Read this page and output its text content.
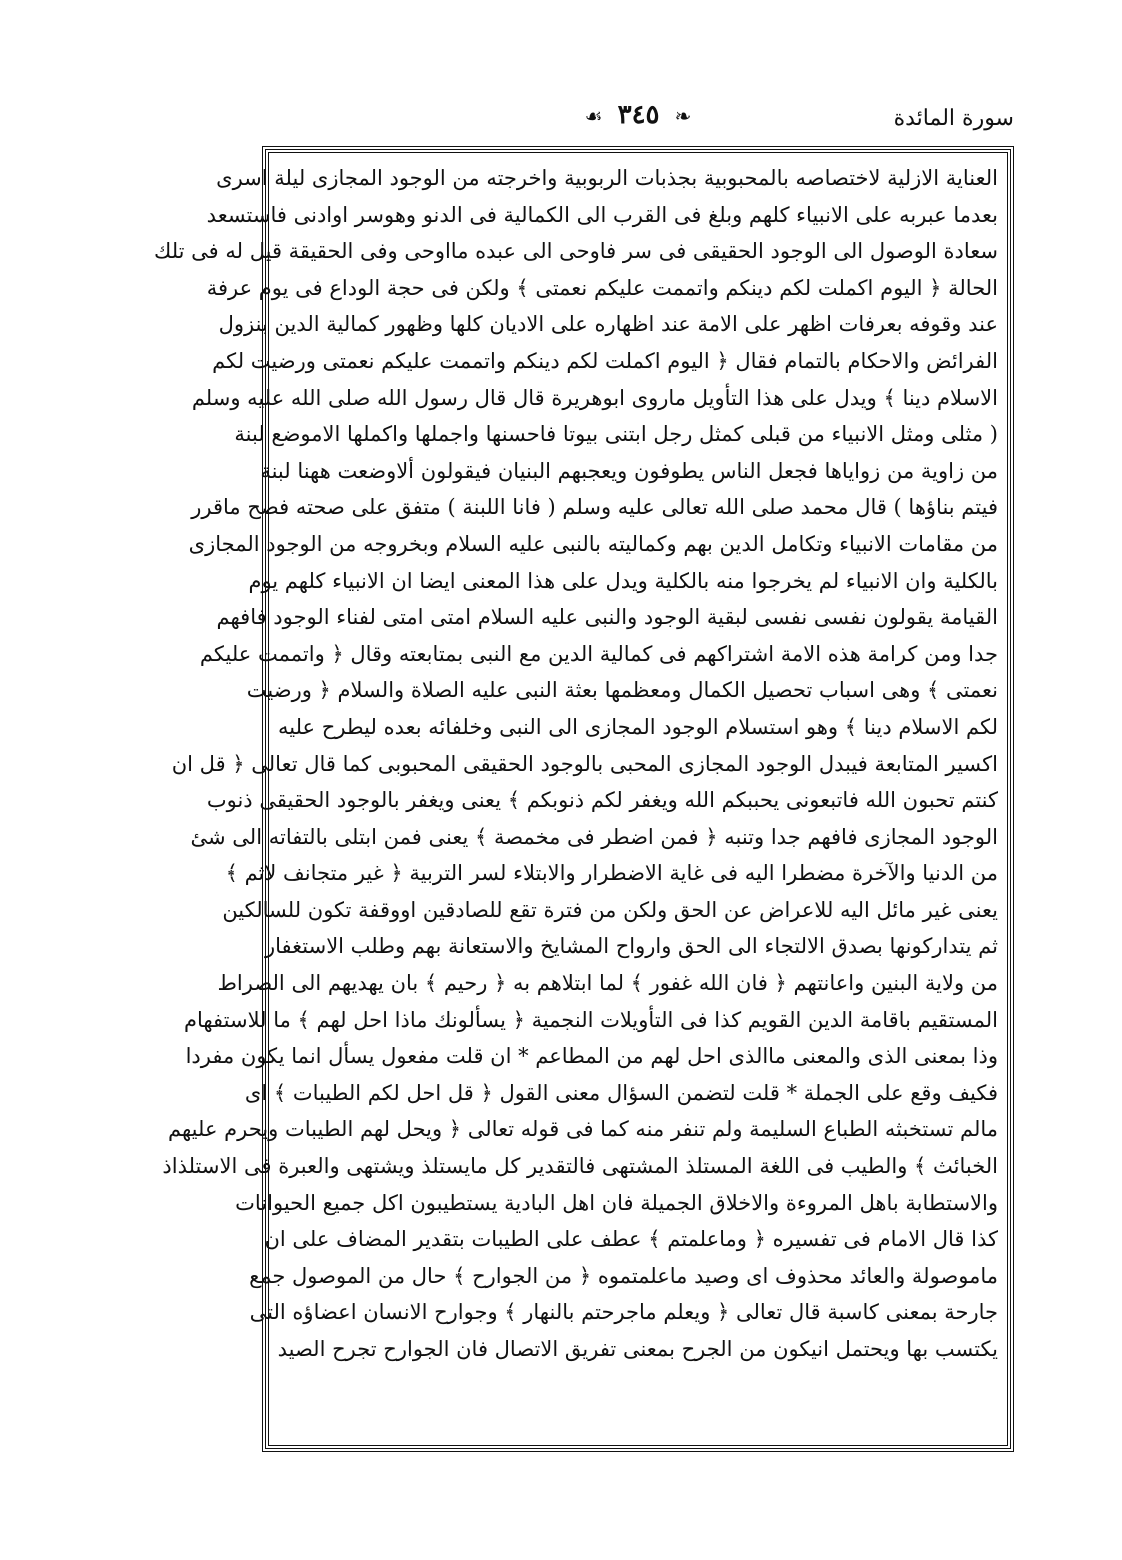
سورة المائدة
❧ ٣٤٥ ☙
العناية الازلية لاختصاصه بالمحبوبية بجذبات الربوبية واخرجته من الوجود المجازى ليلة اسرى
بعدما عبربه على الانبياء كلهم وبلغ فى القرب الى الكمالية فى الدنو وهوسر اوادنى فاستسعد
سعادة الوصول الى الوجود الحقيقى فى سر فاوحى الى عبده مااوحى وفى الحقيقة قيل له فى تلك
الحالة ﴿ اليوم اكملت لكم دينكم واتممت عليكم نعمتى ﴾ ولكن فى حجة الوداع فى يوم عرفة
عند وقوفه بعرفات اظهر على الامة عند اظهاره على الاديان كلها وظهور كمالية الدين بنزول
الفرائض والاحكام بالتمام فقال ﴿ اليوم اكملت لكم دينكم واتممت عليكم نعمتى ورضيت لكم
الاسلام دينا ﴾ ويدل على هذا التأويل ماروى ابوهريرة قال قال رسول الله صلى الله عليه وسلم
( مثلى ومثل الانبياء من قبلى كمثل رجل ابتنى بيوتا فاحسنها واجملها واكملها الاموضع لبنة
من زاوية من زواياها فجعل الناس يطوفون ويعجبهم البنيان فيقولون ألاوضعت ههنا لبنة
فيتم بناؤها ) قال محمد صلى الله تعالى عليه وسلم ( فانا اللبنة ) متفق على صحته فصح ماقرر
من مقامات الانبياء وتكامل الدين بهم وكماليته بالنبى عليه السلام وبخروجه من الوجود المجازى
بالكلية وان الانبياء لم يخرجوا منه بالكلية ويدل على هذا المعنى ايضا ان الانبياء كلهم يوم
القيامة يقولون نفسى نفسى لبقية الوجود والنبى عليه السلام امتى امتى لفناء الوجود فافهم
جدا ومن كرامة هذه الامة اشتراكهم فى كمالية الدين مع النبى بمتابعته وقال ﴿ واتممت عليكم
نعمتى ﴾ وهى اسباب تحصيل الكمال ومعظمها بعثة النبى عليه الصلاة والسلام ﴿ ورضيت
لكم الاسلام دينا ﴾ وهو استسلام الوجود المجازى الى النبى وخلفائه بعده ليطرح عليه
اكسير المتابعة فيبدل الوجود المجازى المحبى بالوجود الحقيقى المحبوبى كما قال تعالى ﴿ قل ان
كنتم تحبون الله فاتبعونى يحببكم الله ويغفر لكم ذنوبكم ﴾ يعنى ويغفر بالوجود الحقيقى ذنوب
الوجود المجازى فافهم جدا وتنبه ﴿ فمن اضطر فى مخمصة ﴾ يعنى فمن ابتلى بالتفاته الى شئ
من الدنيا والآخرة مضطرا اليه فى غاية الاضطرار والابتلاء لسر التربية ﴿ غير متجانف لاثم ﴾
يعنى غير مائل اليه للاعراض عن الحق ولكن من فترة تقع للصادقين اووقفة تكون للسالكين
ثم يتداركونها بصدق الالتجاء الى الحق وارواح المشايخ والاستعانة بهم وطلب الاستغفار
من ولاية البنين واعانتهم ﴿ فان الله غفور ﴾ لما ابتلاهم به ﴿ رحيم ﴾ بان يهديهم الى الصراط
المستقيم باقامة الدين القويم كذا فى التأويلات النجمية ﴿ يسألونك ماذا احل لهم ﴾ ما للاستفهام
وذا بمعنى الذى والمعنى ماالذى احل لهم من المطاعم * ان قلت مفعول يسأل انما يكون مفردا
فكيف وقع على الجملة * قلت لتضمن السؤال معنى القول ﴿ قل احل لكم الطيبات ﴾ اى
مالم تستخبثه الطباع السليمة ولم تنفر منه كما فى قوله تعالى ﴿ ويحل لهم الطيبات ويحرم عليهم
الخبائث ﴾ والطيب فى اللغة المستلذ المشتهى فالتقدير كل مايستلذ ويشتهى والعبرة فى الاستلذاذ
والاستطابة باهل المروءة والاخلاق الجميلة فان اهل البادية يستطيبون اكل جميع الحيوانات
كذا قال الامام فى تفسيره ﴿ وماعلمتم ﴾ عطف على الطيبات بتقدير المضاف على ان
ماموصولة والعائد محذوف اى وصيد ماعلمتموه ﴿ من الجوارح ﴾ حال من الموصول جمع
جارحة بمعنى كاسبة قال تعالى ﴿ ويعلم ماجرحتم بالنهار ﴾ وجوارح الانسان اعضاؤه التى
يكتسب بها ويحتمل انيكون من الجرح بمعنى تفريق الاتصال فان الجوارح تجرح الصيد
